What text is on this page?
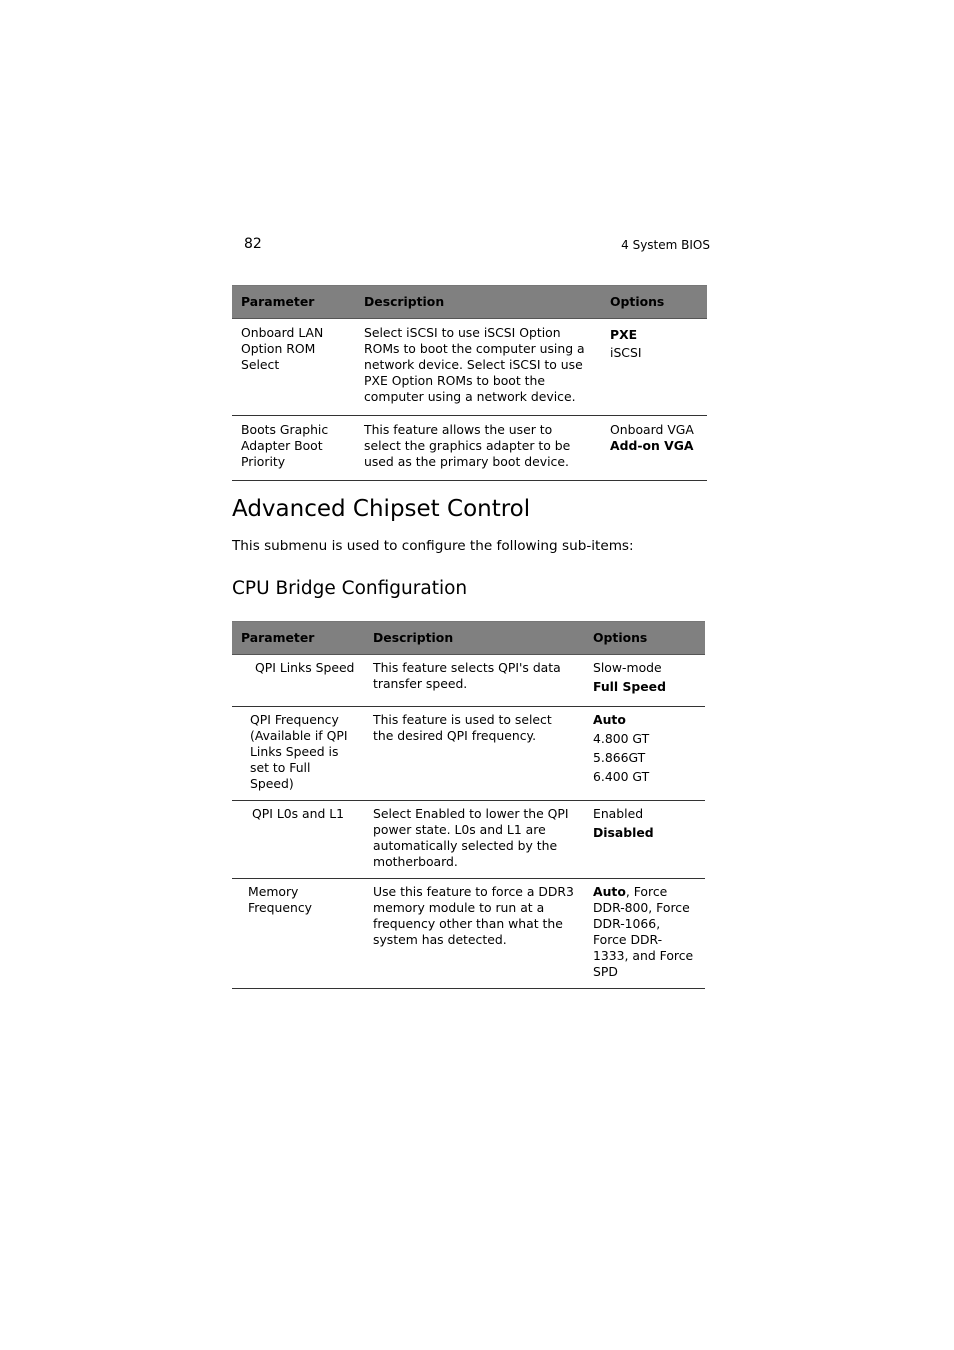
82	4 System BIOS
Parameter	Description	Options
Onboard LAN Option ROM Select	Select iSCSI to use iSCSI Option ROMs to boot the computer using a network device. Select iSCSI to use PXE Option ROMs to boot the computer using a network device.	PXE
iSCSI

Boots Graphic Adapter Boot Priority	This feature allows the user to select the graphics adapter to be used as the primary boot device.	Onboard VGA
Add-on VGA
Advanced Chipset Control
This submenu is used to configure the following sub-items:
CPU Bridge Configuration
Parameter	Description	Options
QPI Links Speed	This feature selects QPI's data transfer speed.	Slow-mode
Full Speed

QPI Frequency (Available if QPI Links Speed is set to Full Speed)	This feature is used to select the desired QPI frequency.	Auto
4.800 GT
5.866GT
6.400 GT

QPI L0s and L1	Select Enabled to lower the QPI power state. L0s and L1 are automatically selected by the motherboard.	Enabled
Disabled

Memory Frequency	Use this feature to force a DDR3 memory module to run at a frequency other than what the system has detected.	Auto, Force DDR-800, Force DDR-1066, Force DDR-1333, and Force SPD
